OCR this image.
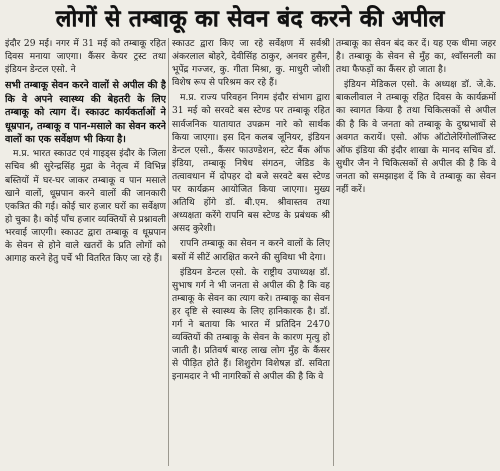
लोगों से तम्बाकू का सेवन बंद करने की अपील

इंदौर 29 मई। नगर में 31 मई को तम्बाकू रहित दिवस मनाया जाएगा। कैंसर केयर ट्रस्ट तथा इंडियन डेन्टल एसो. ने

सभी तम्बाकू सेवन करने वालों से अपील की है कि वे अपने स्वास्थ्य की बेहतरी के लिए तम्बाकू को त्याग दें। स्काउट कार्यकर्ताओं ने धूम्रपान, तम्बाकू व पान-मसाले का सेवन करने वालों का एक सर्वेक्षण भी किया है।

म.प्र. भारत स्काउट एवं गाइड्स इंदौर के जिला सचिव श्री सुरेन्द्रसिंह मुद्रा के नेतृत्व में विभिन्न बस्तियों में घर-घर जाकर तम्बाकू व पान मसाले खाने वालों, धूम्रपान करने वालों की जानकारी एकत्रित की गई। कोई चार हजार घरों का सर्वेक्षण हो चुका है। कोई पाँच हजार व्यक्तियों से प्रश्नावली भरवाई जाएगी। स्काउट द्वारा तम्बाकू व धूम्रपान के सेवन से होने वाले खतरों के प्रति लोगों को आगाह करने हेतु पर्चे भी वितरित किए जा रहे हैं।

स्काउट द्वारा किए जा रहे सर्वेक्षण में सर्वश्री अंकरलाल बोहरे, देवीसिंह ठाकुर, अनवर हुसैन, भूपेंद्र गज्जर, कु. गीता मिश्रा, कु. माधुरी जोशी विशेष रूप से परिश्रम कर रहे हैं।

म.प्र. राज्य परिवहन निगम इंदौर संभाग द्वारा 31 मई को सरवटे बस स्टेण्ड पर तम्बाकू रहित सार्वजनिक यातायात उपक्रम नारे को सार्थक किया जाएगा। इस दिन कलब जूनियर, इंडियन डेन्टल एसो., कैंसर फाउण्डेशन, स्टेट बैंक ऑफ इंडिया, तम्बाकू निषेध संगठन, जेडिड के तत्वावधान में दोपहर दो बजे सरवटे बस स्टेण्ड पर कार्यक्रम आयोजित किया जाएगा। मुख्य अतिथि होंगे डॉ. बी.एम. श्रीवास्तव तथा अध्यक्षता करेंगे रापनि बस स्टेण्ड के प्रबंधक श्री असद कुरेशी।

रापनि तम्बाकू का सेवन न करने वालों के लिए बसों में सीटें आरक्षित करने की सुविधा भी देगा।

इंडियन डेन्टल एसो. के राष्ट्रीय उपाध्यक्ष डॉ. सुभाष गर्ग ने भी जनता से अपील की है कि वह तम्बाकू के सेवन का त्याग करे। तम्बाकू का सेवन हर दृष्टि से स्वास्थ्य के लिए हानिकारक है। डॉ. गर्ग ने बताया कि भारत में प्रतिदिन 2470 व्यक्तियों की तम्बाकू के सेवन के कारण मृत्यु हो जाती है। प्रतिवर्ष बारह लाख लोग मुँह के कैंसर से पीड़ित होते हैं। शिशुरोग विशेषज्ञ डॉ. सविता इनामदार ने भी नागरिकों से अपील की है कि वे

तम्बाकू का सेवन बंद कर दें। यह एक धीमा जहर है। तम्बाकू के सेवन से मुँह का, श्वाँसनली का तथा फैफड़ों का कैंसर हो जाता है।

इंडियन मेडिकल एसो. के अध्यक्ष डॉ. जे.के. बाकलीवाल ने तम्बाकू रहित दिवस के कार्यक्रमों का स्वागत किया है तथा चिकित्सकों से अपील की है कि वे जनता को तम्बाकू के दुष्प्रभावों से अवगत करायें। एसो. ऑफ ऑटोलेरिंगोलॉजिस्ट ऑफ इंडिया की इंदौर शाखा के मानद सचिव डॉ. सुधीर जैन ने चिकित्सकों से अपील की है कि वे जनता को समझाइश दें कि वे तम्बाकू का सेवन नहीं करें।
